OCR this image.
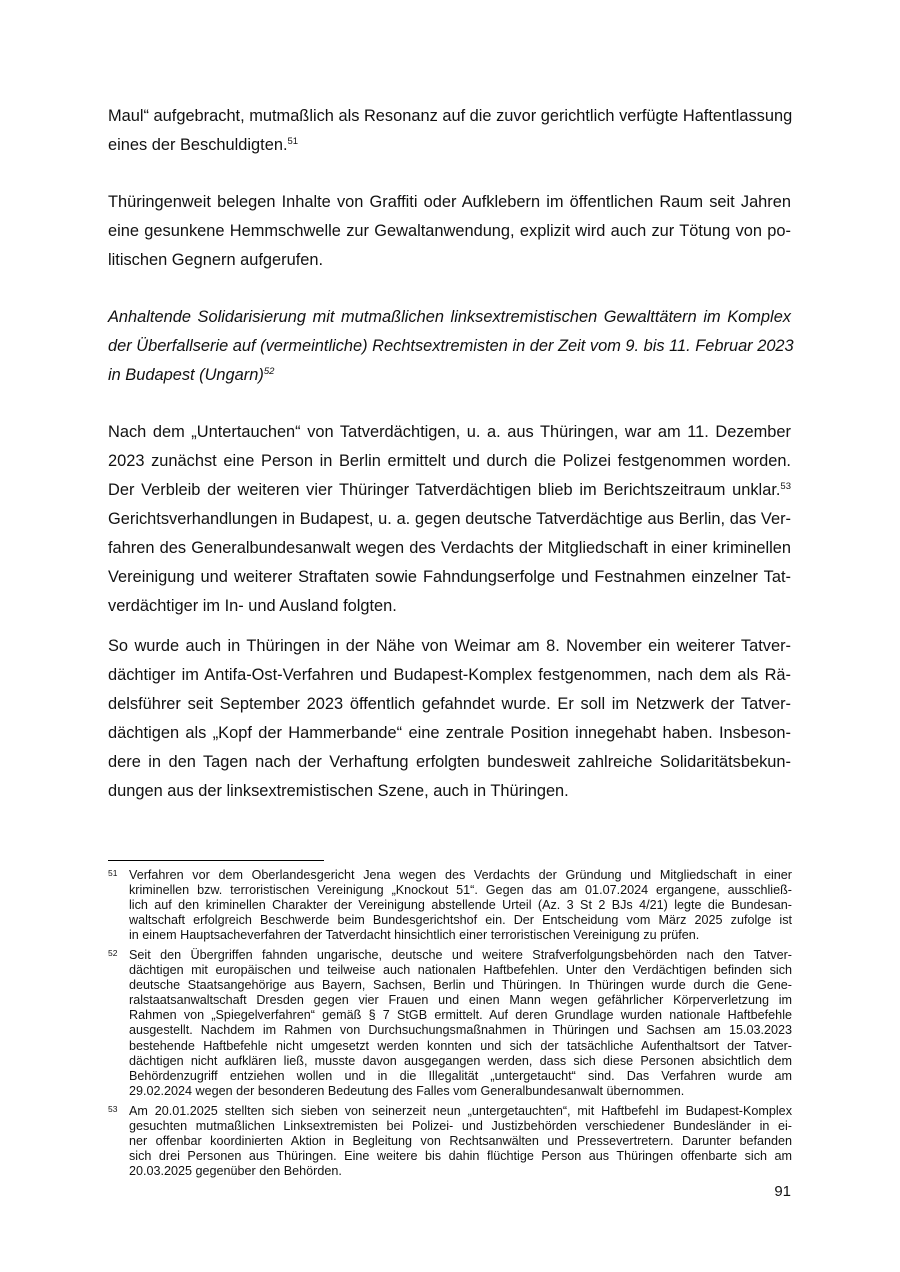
Maul“ aufgebracht, mutmaßlich als Resonanz auf die zuvor gerichtlich verfügte Haftentlassung
eines der Beschuldigten.$^{51}$
Thüringenweit belegen Inhalte von Graffiti oder Aufklebern im öffentlichen Raum seit Jahren
eine gesunkene Hemmschwelle zur Gewaltanwendung, explizit wird auch zur Tötung von po-
litischen Gegnern aufgerufen.
Anhaltende Solidarisierung mit mutmaßlichen linksextremistischen Gewalttätern im Komplex
der Überfallserie auf (vermeintliche) Rechtsextremisten in der Zeit vom 9. bis 11. Februar 2023
in Budapest (Ungarn)$^{52}$
Nach dem „Untertauchen“ von Tatverdächtigen, u. a. aus Thüringen, war am 11. Dezember
2023 zunächst eine Person in Berlin ermittelt und durch die Polizei festgenommen worden.
Der Verbleib der weiteren vier Thüringer Tatverdächtigen blieb im Berichtszeitraum unklar.$^{53}$
Gerichtsverhandlungen in Budapest, u. a. gegen deutsche Tatverdächtige aus Berlin, das Ver-
fahren des Generalbundesanwalt wegen des Verdachts der Mitgliedschaft in einer kriminellen
Vereinigung und weiterer Straftaten sowie Fahndungserfolge und Festnahmen einzelner Tat-
verdächtiger im In- und Ausland folgten.
So wurde auch in Thüringen in der Nähe von Weimar am 8. November ein weiterer Tatver-
dächtiger im Antifa-Ost-Verfahren und Budapest-Komplex festgenommen, nach dem als Rä-
delsführer seit September 2023 öffentlich gefahndet wurde. Er soll im Netzwerk der Tatver-
dächtigen als „Kopf der Hammerbande“ eine zentrale Position innegehabt haben. Insbeson-
dere in den Tagen nach der Verhaftung erfolgten bundesweit zahlreiche Solidaritätsbekun-
dungen aus der linksextremistischen Szene, auch in Thüringen.
51 Verfahren vor dem Oberlandesgericht Jena wegen des Verdachts der Gründung und Mitgliedschaft in einer
kriminellen bzw. terroristischen Vereinigung „Knockout 51“. Gegen das am 01.07.2024 ergangene, ausschließ-
lich auf den kriminellen Charakter der Vereinigung abstellende Urteil (Az. 3 St 2 BJs 4/21) legte die Bundesan-
waltschaft erfolgreich Beschwerde beim Bundesgerichtshof ein. Der Entscheidung vom März 2025 zufolge ist
in einem Hauptsacheverfahren der Tatverdacht hinsichtlich einer terroristischen Vereinigung zu prüfen.
52 Seit den Übergriffen fahnden ungarische, deutsche und weitere Strafverfolgungsbehörden nach den Tatver-
dächtigen mit europäischen und teilweise auch nationalen Haftbefehlen. Unter den Verdächtigen befinden sich
deutsche Staatsangehörige aus Bayern, Sachsen, Berlin und Thüringen. In Thüringen wurde durch die Gene-
ralstaatsanwaltschaft Dresden gegen vier Frauen und einen Mann wegen gefährlicher Körperverletzung im
Rahmen von „Spiegelverfahren“ gemäß § 7 StGB ermittelt. Auf deren Grundlage wurden nationale Haftbefehle
ausgestellt. Nachdem im Rahmen von Durchsuchungsmaßnahmen in Thüringen und Sachsen am 15.03.2023
bestehende Haftbefehle nicht umgesetzt werden konnten und sich der tatsächliche Aufenthaltsort der Tatver-
dächtigen nicht aufklären ließ, musste davon ausgegangen werden, dass sich diese Personen absichtlich dem
Behördenzugriff entziehen wollen und in die Illegalität „untergetaucht“ sind. Das Verfahren wurde am
29.02.2024 wegen der besonderen Bedeutung des Falles vom Generalbundesanwalt übernommen.
53 Am 20.01.2025 stellten sich sieben von seinerzeit neun „untergetauchten“, mit Haftbefehl im Budapest-Komplex
gesuchten mutmaßlichen Linksextremisten bei Polizei- und Justizbehörden verschiedener Bundesländer in ei-
ner offenbar koordinierten Aktion in Begleitung von Rechtsanwälten und Pressevertretern. Darunter befanden
sich drei Personen aus Thüringen. Eine weitere bis dahin flüchtige Person aus Thüringen offenbarte sich am
20.03.2025 gegenüber den Behörden.
91
